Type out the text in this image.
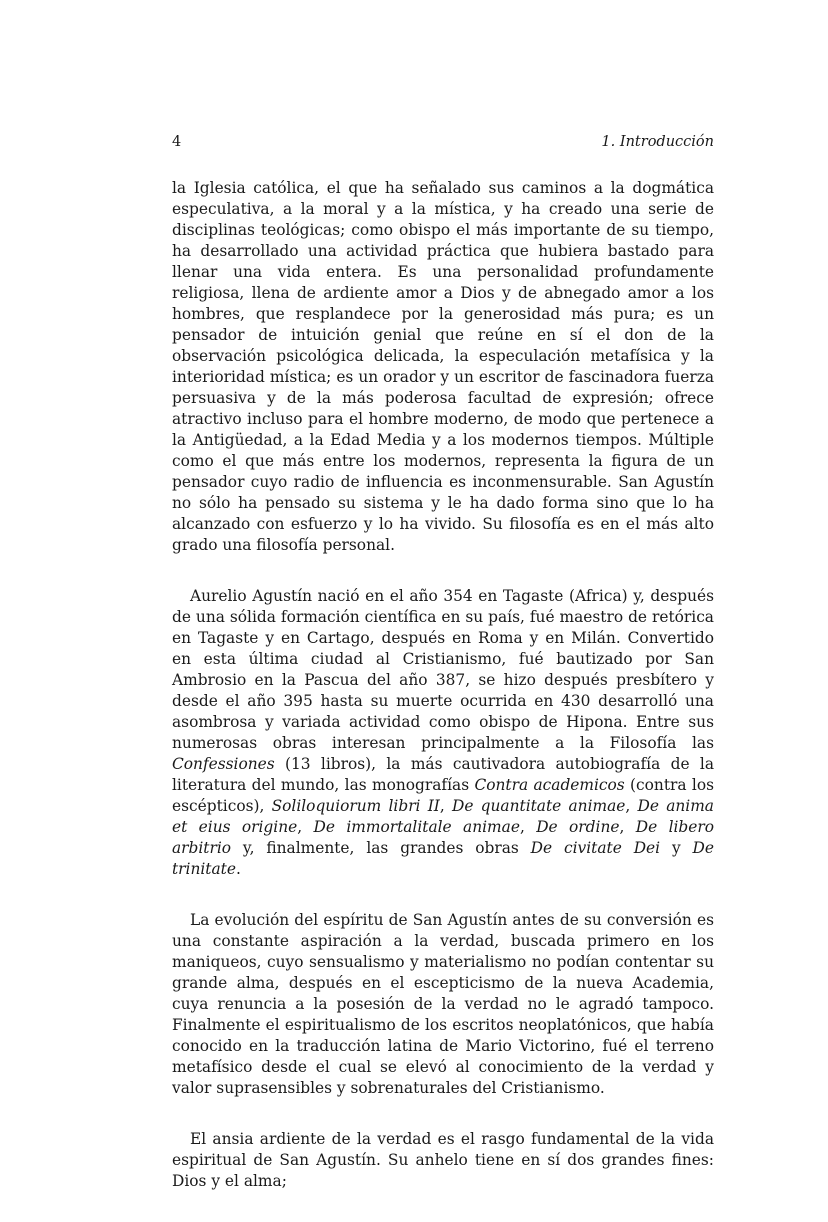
4	1. Introducción

la Iglesia católica, el que ha señalado sus caminos a la dogmática especulativa, a la moral y a la mística, y ha creado una serie de disciplinas teológicas; como obispo el más importante de su tiempo, ha desarrollado una actividad práctica que hubiera bastado para llenar una vida entera. Es una personalidad profundamente religiosa, llena de ardiente amor a Dios y de abnegado amor a los hombres, que resplandece por la generosidad más pura; es un pensador de intuición genial que reúne en sí el don de la observación psicológica delicada, la especulación metafísica y la interioridad mística; es un orador y un escritor de fascinadora fuerza persuasiva y de la más poderosa facultad de expresión; ofrece atractivo incluso para el hombre moderno, de modo que pertenece a la Antigüedad, a la Edad Media y a los modernos tiempos. Múltiple como el que más entre los modernos, representa la figura de un pensador cuyo radio de influencia es inconmensurable. San Agustín no sólo ha pensado su sistema y le ha dado forma sino que lo ha alcanzado con esfuerzo y lo ha vivido. Su filosofía es en el más alto grado una filosofía personal.

Aurelio Agustín nació en el año 354 en Tagaste (Africa) y, después de una sólida formación científica en su país, fué maestro de retórica en Tagaste y en Cartago, después en Roma y en Milán. Convertido en esta última ciudad al Cristianismo, fué bautizado por San Ambrosio en la Pascua del año 387, se hizo después presbítero y desde el año 395 hasta su muerte ocurrida en 430 desarrolló una asombrosa y variada actividad como obispo de Hipona. Entre sus numerosas obras interesan principalmente a la Filosofía las Confessiones (13 libros), la más cautivadora autobiografía de la literatura del mundo, las monografías Contra academicos (contra los escépticos), Soliloquiorum libri II, De quantitate animae, De anima et eius origine, De immortalitale animae, De ordine, De libero arbitrio y, finalmente, las grandes obras De civitate Dei y De trinitate.

La evolución del espíritu de San Agustín antes de su conversión es una constante aspiración a la verdad, buscada primero en los maniqueos, cuyo sensualismo y materialismo no podían contentar su grande alma, después en el escepticismo de la nueva Academia, cuya renuncia a la posesión de la verdad no le agradó tampoco. Finalmente el espiritualismo de los escritos neoplatónicos, que había conocido en la traducción latina de Mario Victorino, fué el terreno metafísico desde el cual se elevó al conocimiento de la verdad y valor suprasensibles y sobrenaturales del Cristianismo.

El ansia ardiente de la verdad es el rasgo fundamental de la vida espiritual de San Agustín. Su anhelo tiene en sí dos grandes fines: Dios y el alma;
